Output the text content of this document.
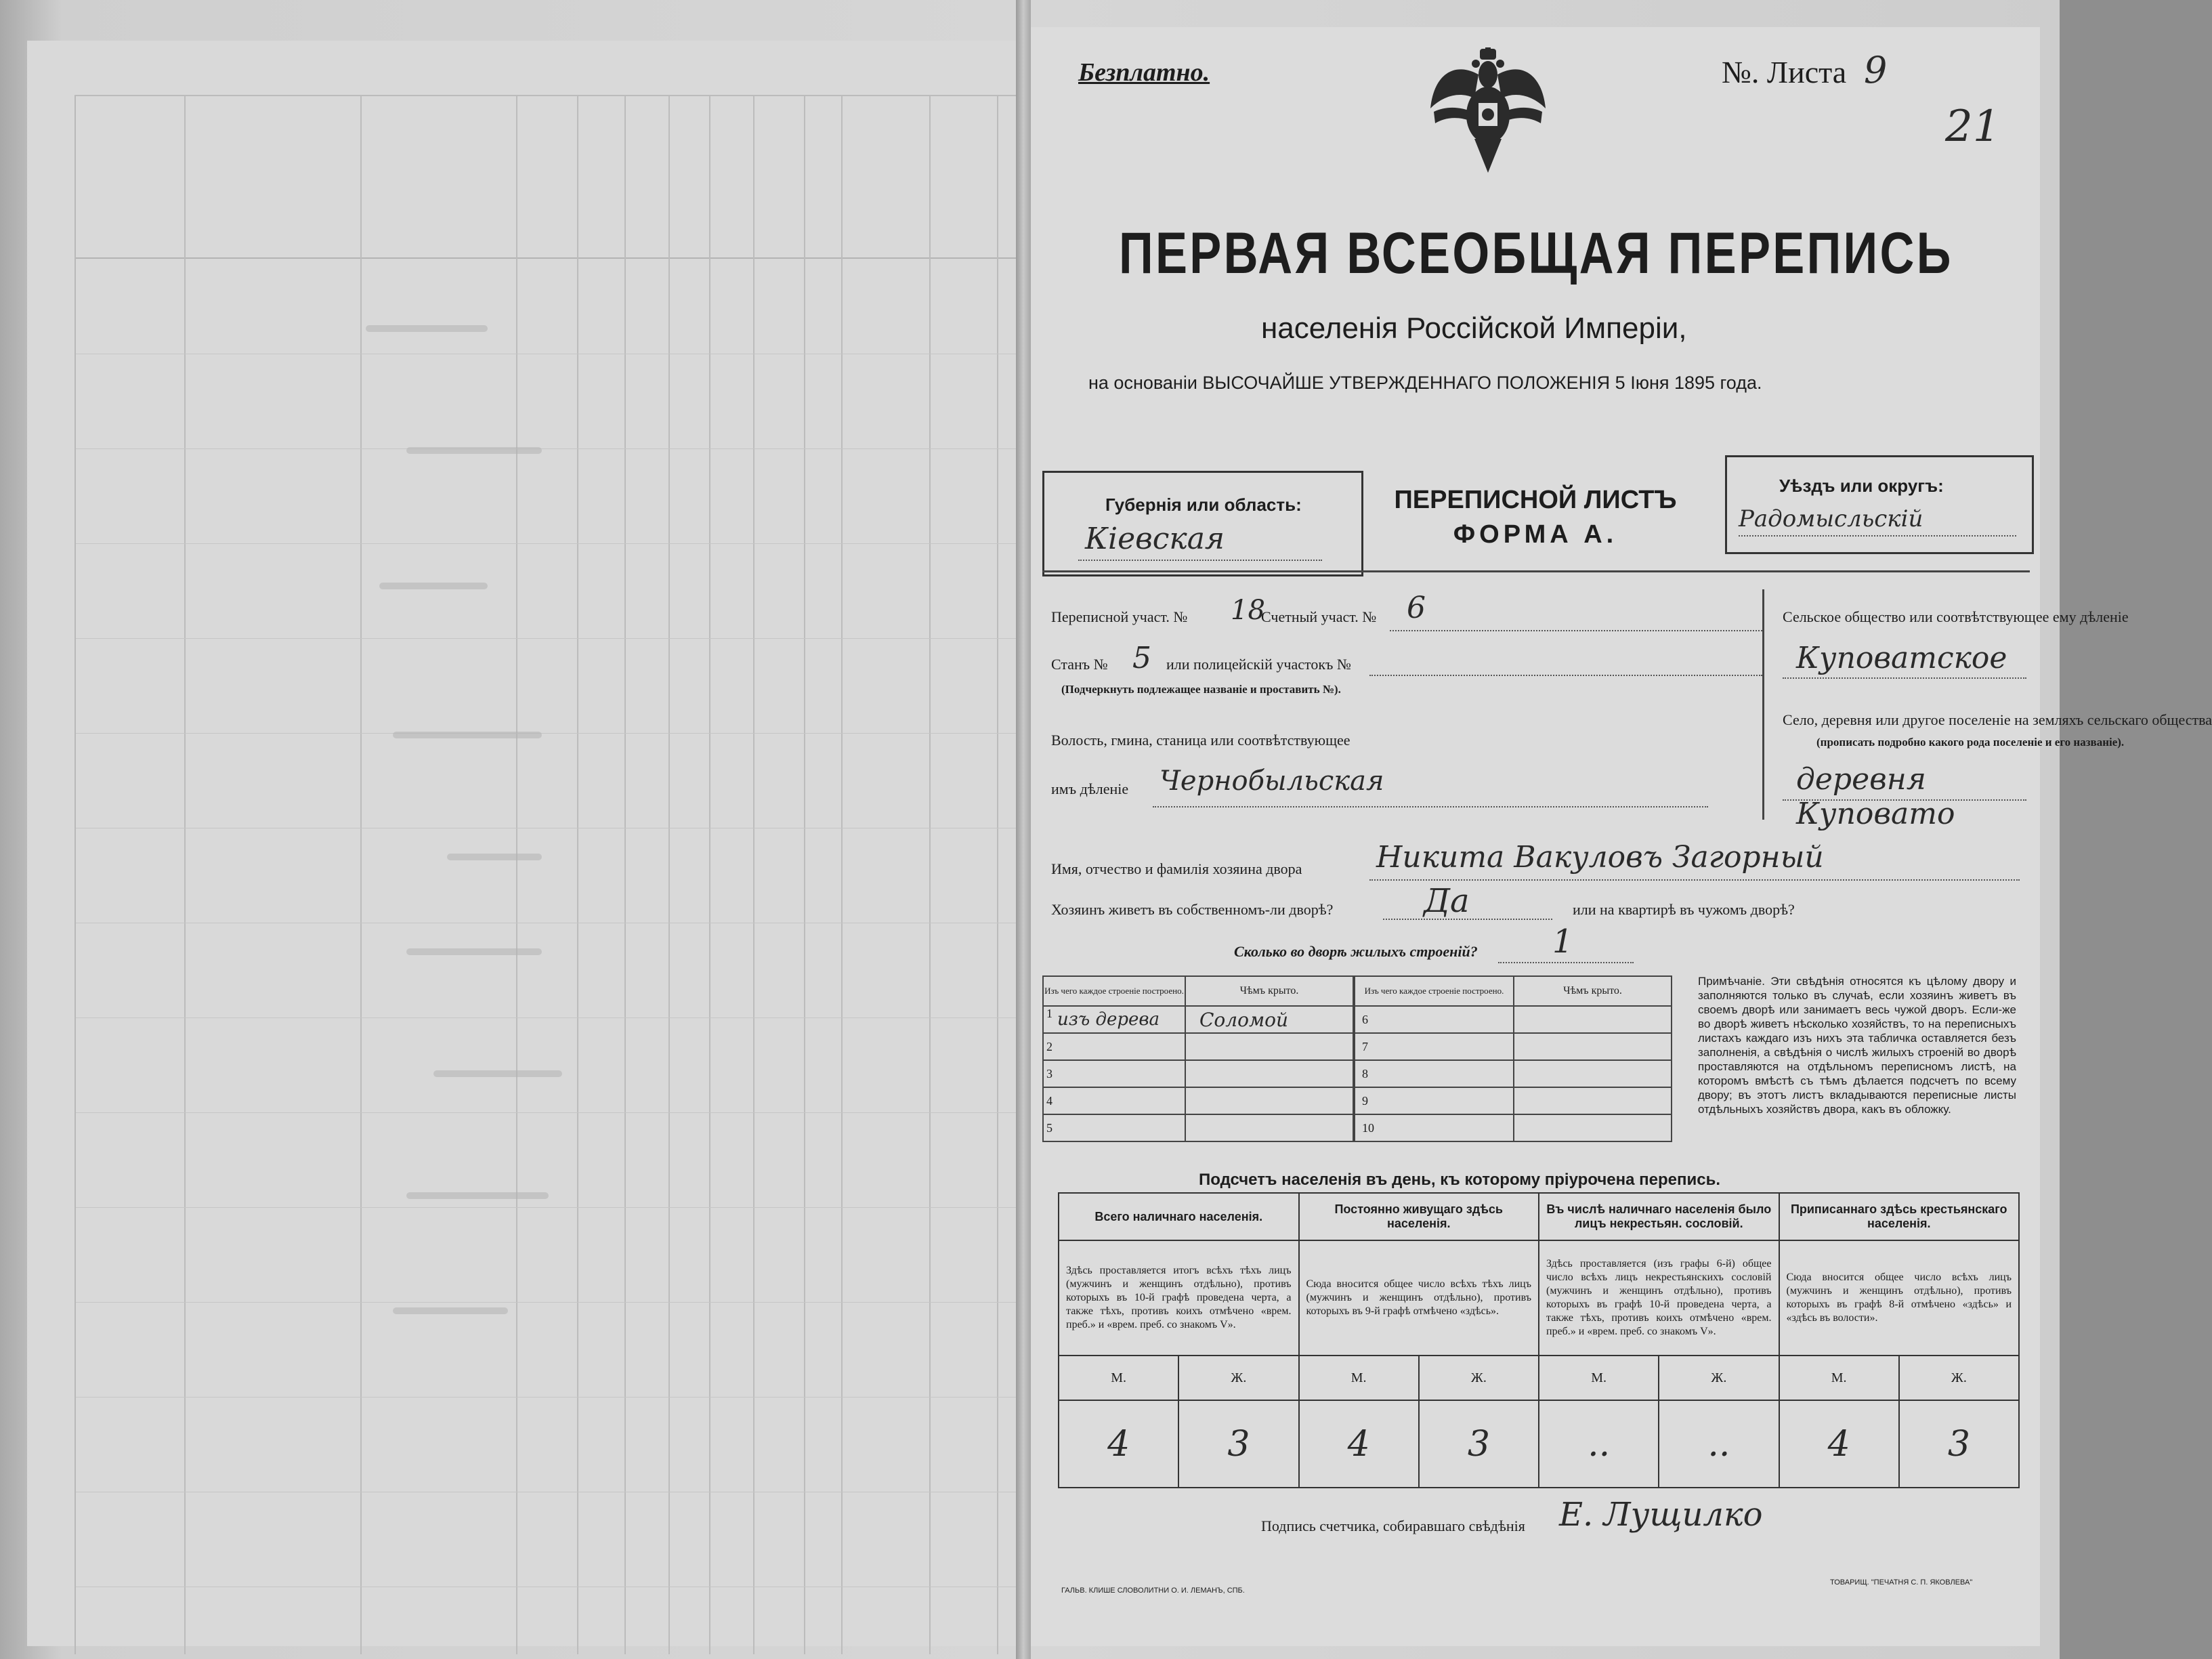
Безплатно.	№. Листа 9
21
ПЕРВАЯ ВСЕОБЩАЯ ПЕРЕПИСЬ
населенія Россійской Имперіи,
на основаніи ВЫСОЧАЙШЕ УТВЕРЖДЕННАГО ПОЛОЖЕНІЯ 5 Іюня 1895 года.
Губернія или область:
Кіевская
ПЕРЕПИСНОЙ ЛИСТЪ
ФОРМА А.
Уѣздъ или округъ:
Радомысльскій
Переписной участ. № 18
Счетный участ. № 6
Станъ № 5 или полицейскій участокъ №
(Подчеркнуть подлежащее названіе и проставить №).
Волость, гмина, станица или соотвѣтствующее
имъ дѣленіе Чернобыльская
Сельское общество или соотвѣтствующее ему дѣленіе
Куповатское
Село, деревня или другое поселеніе на земляхъ сельскаго общества
(прописать подробно какого рода поселеніе и его названіе).
деревня Куповато
Имя, отчество и фамилія хозяина двора Никита Вакуловъ Загорный
Хозяинъ живетъ въ собственномъ-ли дворѣ?	Да	или на квартирѣ въ чужомъ дворѣ?
Сколько во дворѣ жилыхъ строеній? 1
Изъ чего каждое строеніе построено.	Чѣмъ крыто.

1 изъ дерева	Соломой
2	
3	
4	
5	
Изъ чего каждое строеніе построено.	Чѣмъ крыто.
6	
7	
8	
9	
10	
Примѣчаніе. Эти свѣдѣнія относятся къ цѣлому двору и заполняются только въ случаѣ, если хозяинъ живетъ въ своемъ дворѣ или занимаетъ весь чужой дворъ. Если-же во дворѣ живетъ нѣсколько хозяйствъ, то на переписныхъ листахъ каждаго изъ нихъ эта табличка оставляется безъ заполненія, а свѣдѣнія о числѣ жилыхъ строеній во дворѣ проставляются на отдѣльномъ переписномъ листѣ, на которомъ вмѣстѣ съ тѣмъ дѣлается подсчетъ по всему двору; въ этотъ листъ вкладываются переписные листы отдѣльныхъ хозяйствъ двора, какъ въ обложку.
Подсчетъ населенія въ день, къ которому пріурочена перепись.
Всего наличнаго населенія.		Постоянно живущаго здѣсь населенія.		Въ числѣ наличнаго населенія было лицъ некрестьян. сословій.		Приписаннаго здѣсь крестьянскаго населенія.	
Здѣсь проставляется итогъ всѣхъ тѣхъ лицъ (мужчинъ и женщинъ отдѣльно), противъ которыхъ въ 10-й графѣ проведена черта, а также тѣхъ, противъ коихъ отмѣчено «врем. преб.» и «врем. преб. со знакомъ V».		Сюда вносится общее число всѣхъ тѣхъ лицъ (мужчинъ и женщинъ отдѣльно), противъ которыхъ въ 9-й графѣ отмѣчено «здѣсь».		Здѣсь проставляется (изъ графы 6-й) общее число всѣхъ лицъ некрестьянскихъ сословій (мужчинъ и женщинъ отдѣльно), противъ которыхъ въ графѣ 10-й проведена черта, а также тѣхъ, противъ коихъ отмѣчено «врем. преб.» и «врем. преб. со знакомъ V».		Сюда вносится общее число всѣхъ лицъ (мужчинъ и женщинъ отдѣльно), противъ которыхъ въ графѣ 8-й отмѣчено «здѣсь» и «здѣсь въ волости».	
М.	Ж.	М.	Ж.	М.	Ж.	М.	Ж.
4	3	4	3	..	..	4	3
Подпись счетчика, собиравшаго свѣдѣнія Е. Лущилко
ГАЛЬВ. КЛИШЕ СЛОВОЛИТНИ О. И. ЛЕМАНЪ, СПБ.
ТОВАРИЩ. "ПЕЧАТНЯ С. П. ЯКОВЛЕВА"
